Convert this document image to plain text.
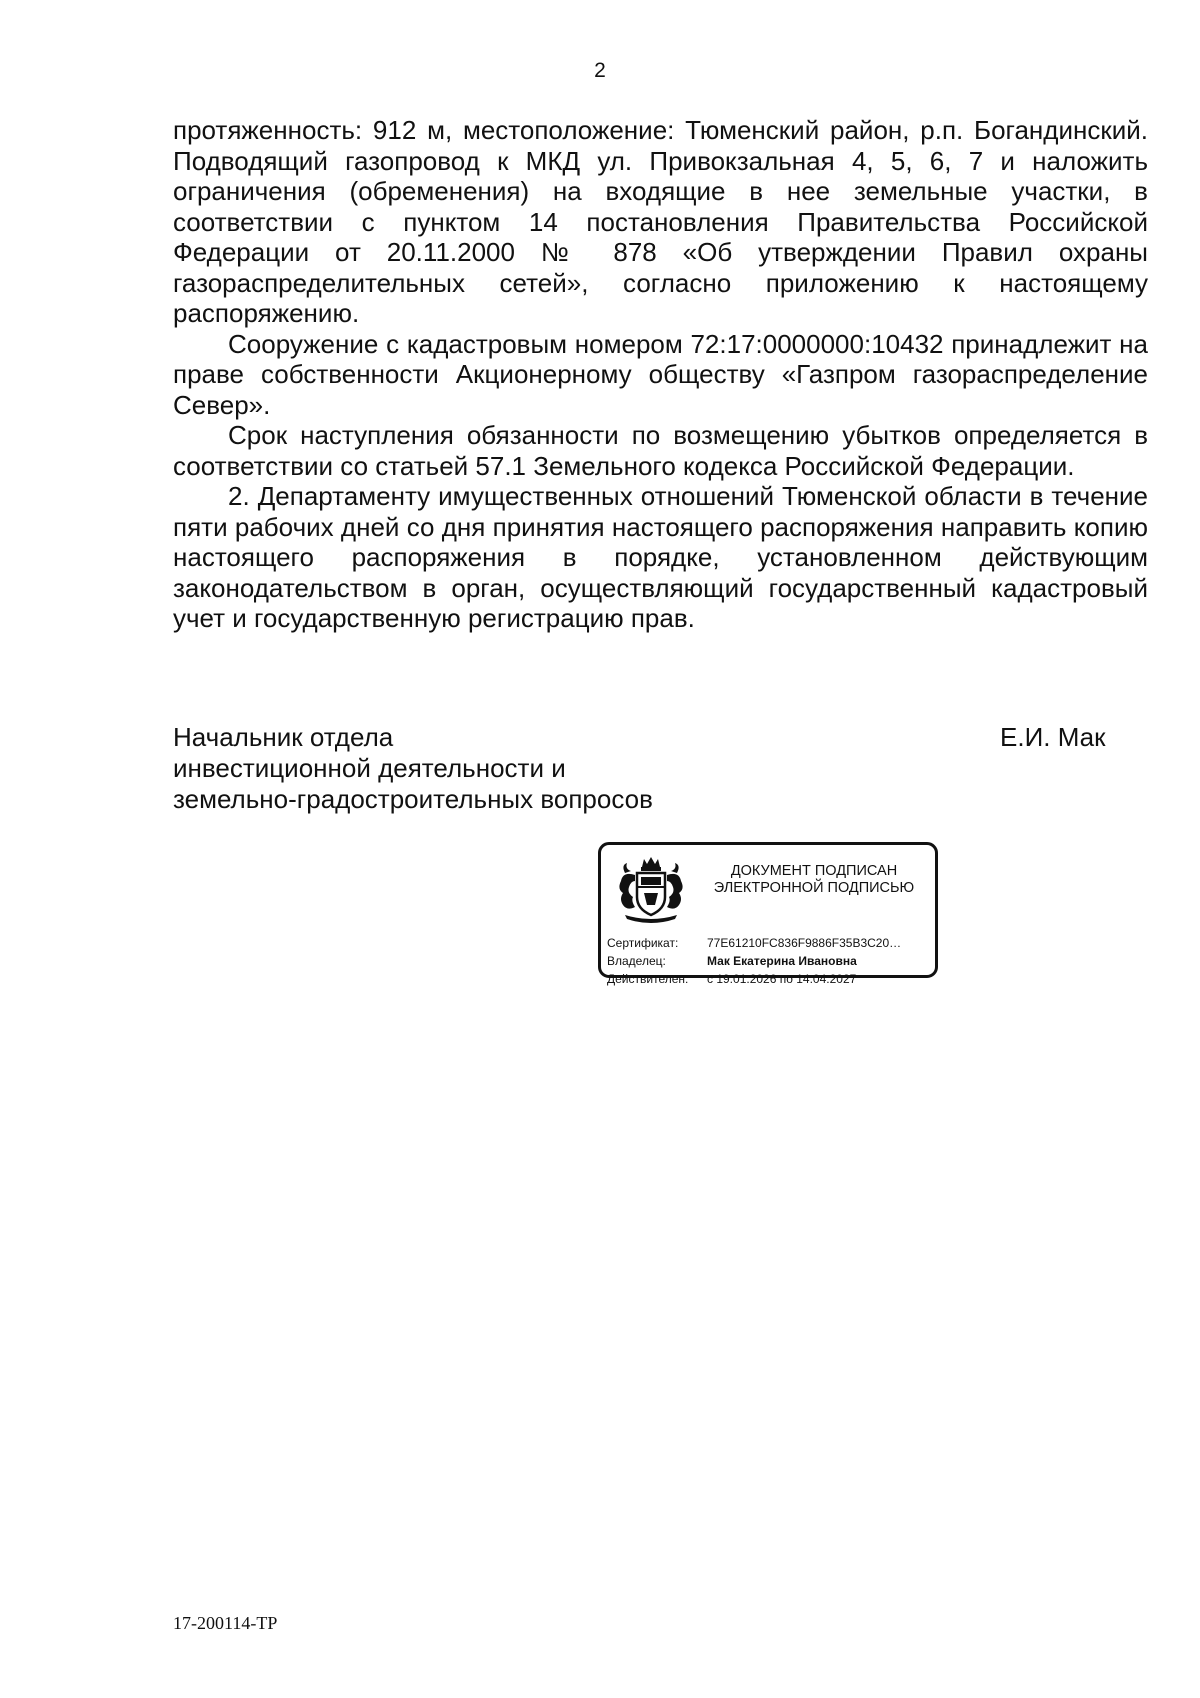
2

протяженность: 912 м, местоположение: Тюменский район, р.п. Богандинский. Подводящий газопровод к МКД ул. Привокзальная 4, 5, 6, 7 и наложить ограничения (обременения) на входящие в нее земельные участки, в соответствии с пунктом 14 постановления Правительства Российской Федерации от 20.11.2000 № 878 «Об утверждении Правил охраны газораспределительных сетей», согласно приложению к настоящему распоряжению.

Сооружение с кадастровым номером 72:17:0000000:10432 принадлежит на праве собственности Акционерному обществу «Газпром газораспределение Север».

Срок наступления обязанности по возмещению убытков определяется в соответствии со статьей 57.1 Земельного кодекса Российской Федерации.

2. Департаменту имущественных отношений Тюменской области в течение пяти рабочих дней со дня принятия настоящего распоряжения направить копию настоящего распоряжения в порядке, установленном действующим законодательством в орган, осуществляющий государственный кадастровый учет и государственную регистрацию прав.

Начальник отдела
инвестиционной деятельности и
земельно-градостроительных вопросов
Е.И. Мак
ДОКУМЕНТ ПОДПИСАН
ЭЛЕКТРОННОЙ ПОДПИСЬЮ
Сертификат: 77E61210FC836F9886F35B3C20…
Владелец:	Мак Екатерина Ивановна
Действителен: с 19.01.2026 по 14.04.2027
17-200114-ТР
